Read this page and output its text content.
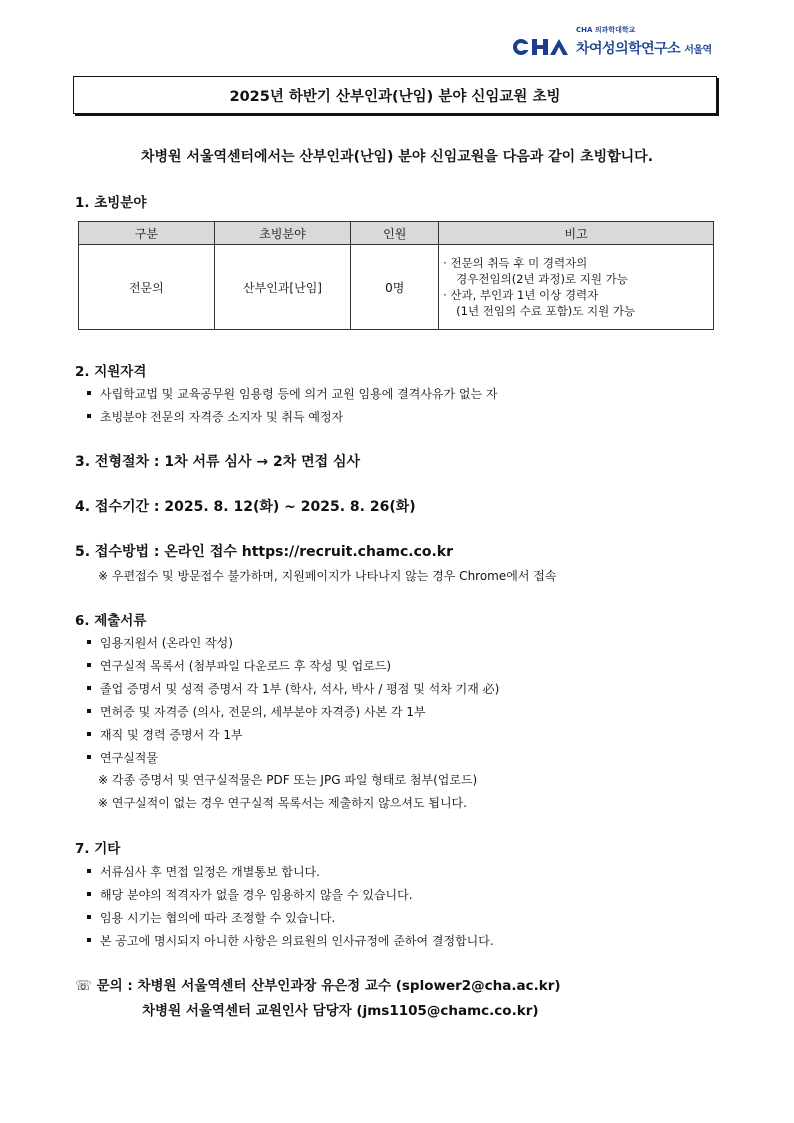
CHA 의과학대학교
차여성의학연구소 서울역
2025년 하반기 산부인과(난임) 분야 신임교원 초빙
차병원 서울역센터에서는 산부인과(난임) 분야 신임교원을 다음과 같이 초빙합니다.
1. 초빙분야
구분	초빙분야	인원	비고
전문의	산부인과[난임]	0명	· 전문의 취득 후 미 경력자의
경우전임의(2년 과정)로 지원 가능
· 산과, 부인과 1년 이상 경력자
(1년 전임의 수료 포함)도 지원 가능
2. 지원자격
사립학교법 및 교육공무원 임용령 등에 의거 교원 임용에 결격사유가 없는 자
초빙분야 전문의 자격증 소지자 및 취득 예정자
3. 전형절차 : 1차 서류 심사 → 2차 면접 심사
4. 접수기간 : 2025. 8. 12(화) ~ 2025. 8. 26(화)
5. 접수방법 : 온라인 접수 https://recruit.chamc.co.kr
※ 우편접수 및 방문접수 불가하며, 지원페이지가 나타나지 않는 경우 Chrome에서 접속
6. 제출서류
임용지원서 (온라인 작성)
연구실적 목록서 (첨부파일 다운로드 후 작성 및 업로드)
졸업 증명서 및 성적 증명서 각 1부 (학사, 석사, 박사 / 평점 및 석차 기재 必)
면허증 및 자격증 (의사, 전문의, 세부분야 자격증) 사본 각 1부
재직 및 경력 증명서 각 1부
연구실적물
※ 각종 증명서 및 연구실적물은 PDF 또는 JPG 파일 형태로 첨부(업로드)
※ 연구실적이 없는 경우 연구실적 목록서는 제출하지 않으셔도 됩니다.
7. 기타
서류심사 후 면접 일정은 개별통보 합니다.
해당 분야의 적격자가 없을 경우 임용하지 않을 수 있습니다.
임용 시기는 협의에 따라 조정할 수 있습니다.
본 공고에 명시되지 아니한 사항은 의료원의 인사규정에 준하여 결정합니다.
☏ 문의 : 차병원 서울역센터 산부인과장 유은정 교수 (splower2@cha.ac.kr)
차병원 서울역센터 교원인사 담당자 (jms1105@chamc.co.kr)
